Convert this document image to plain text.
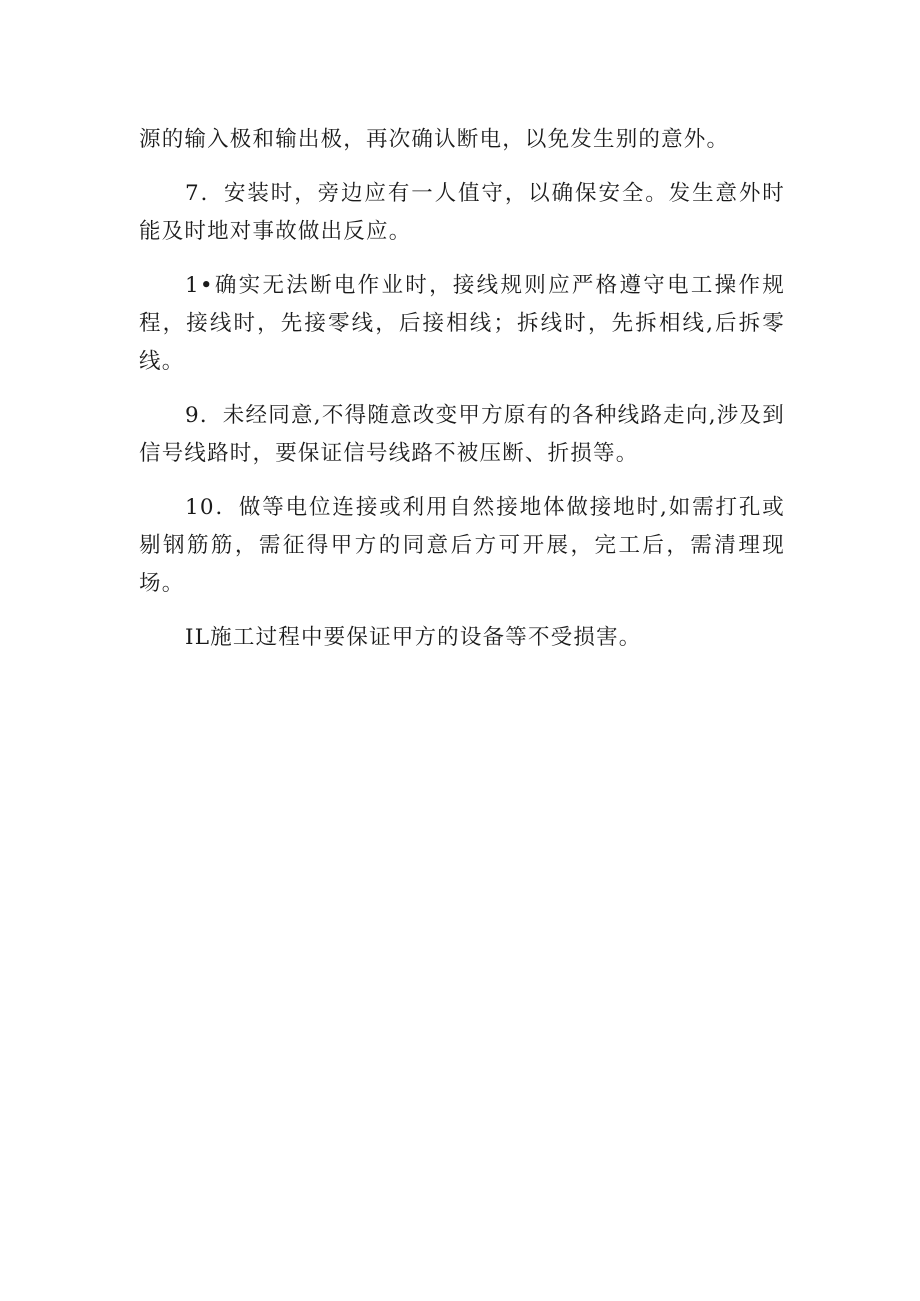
源的输入极和输出极，再次确认断电，以免发生别的意外。

7．安装时，旁边应有一人值守，以确保安全。发生意外时能及时地对事故做出反应。

1•确实无法断电作业时，接线规则应严格遵守电工操作规程，接线时，先接零线，后接相线；拆线时，先拆相线,后拆零线。

9．未经同意,不得随意改变甲方原有的各种线路走向,涉及到信号线路时，要保证信号线路不被压断、折损等。

10．做等电位连接或利用自然接地体做接地时,如需打孔或剔钢筋筋，需征得甲方的同意后方可开展，完工后，需清理现场。

IL施工过程中要保证甲方的设备等不受损害。
